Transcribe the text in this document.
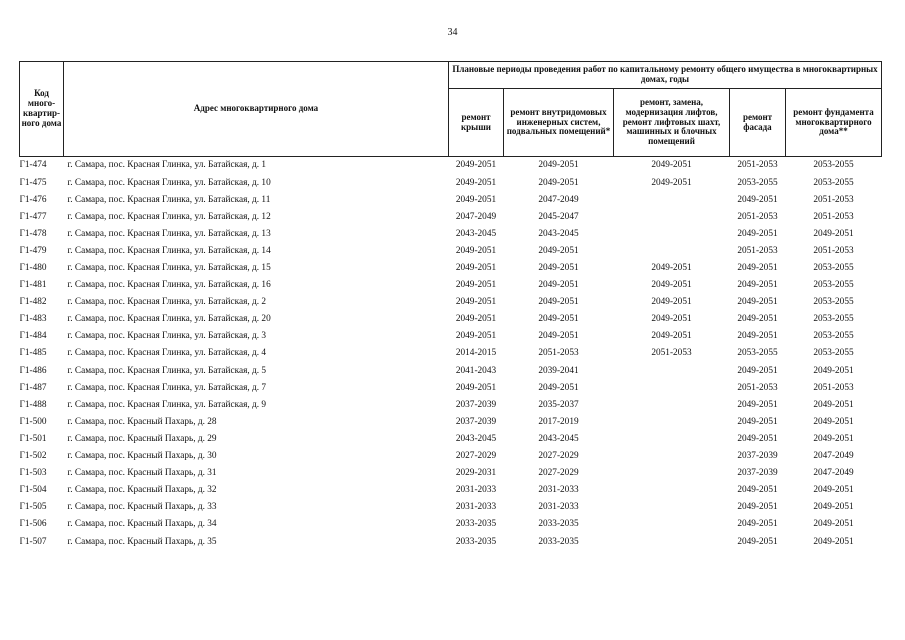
34
Код много-квартир-ного дома	Адрес многоквартирного дома	Плановые периоды проведения работ по капитальному ремонту общего имущества в многоквартирных домах, годы				
		ремонт крыши	ремонт внутридомовых инженерных систем, подвальных помещений*	ремонт, замена, модернизация лифтов, ремонт лифтовых шахт, машинных и блочных помещений	ремонт фасада	ремонт фундамента многоквартирного дома**
Г1-474	г. Самара, пос. Красная Глинка, ул. Батайская, д. 1	2049-2051	2049-2051	2049-2051	2051-2053	2053-2055
Г1-475	г. Самара, пос. Красная Глинка, ул. Батайская, д. 10	2049-2051	2049-2051	2049-2051	2053-2055	2053-2055
Г1-476	г. Самара, пос. Красная Глинка, ул. Батайская, д. 11	2049-2051	2047-2049		2049-2051	2051-2053
Г1-477	г. Самара, пос. Красная Глинка, ул. Батайская, д. 12	2047-2049	2045-2047		2051-2053	2051-2053
Г1-478	г. Самара, пос. Красная Глинка, ул. Батайская, д. 13	2043-2045	2043-2045		2049-2051	2049-2051
Г1-479	г. Самара, пос. Красная Глинка, ул. Батайская, д. 14	2049-2051	2049-2051		2051-2053	2051-2053
Г1-480	г. Самара, пос. Красная Глинка, ул. Батайская, д. 15	2049-2051	2049-2051	2049-2051	2049-2051	2053-2055
Г1-481	г. Самара, пос. Красная Глинка, ул. Батайская, д. 16	2049-2051	2049-2051	2049-2051	2049-2051	2053-2055
Г1-482	г. Самара, пос. Красная Глинка, ул. Батайская, д. 2	2049-2051	2049-2051	2049-2051	2049-2051	2053-2055
Г1-483	г. Самара, пос. Красная Глинка, ул. Батайская, д. 20	2049-2051	2049-2051	2049-2051	2049-2051	2053-2055
Г1-484	г. Самара, пос. Красная Глинка, ул. Батайская, д. 3	2049-2051	2049-2051	2049-2051	2049-2051	2053-2055
Г1-485	г. Самара, пос. Красная Глинка, ул. Батайская, д. 4	2014-2015	2051-2053	2051-2053	2053-2055	2053-2055
Г1-486	г. Самара, пос. Красная Глинка, ул. Батайская, д. 5	2041-2043	2039-2041		2049-2051	2049-2051
Г1-487	г. Самара, пос. Красная Глинка, ул. Батайская, д. 7	2049-2051	2049-2051		2051-2053	2051-2053
Г1-488	г. Самара, пос. Красная Глинка, ул. Батайская, д. 9	2037-2039	2035-2037		2049-2051	2049-2051
Г1-500	г. Самара, пос. Красный Пахарь, д. 28	2037-2039	2017-2019		2049-2051	2049-2051
Г1-501	г. Самара, пос. Красный Пахарь, д. 29	2043-2045	2043-2045		2049-2051	2049-2051
Г1-502	г. Самара, пос. Красный Пахарь, д. 30	2027-2029	2027-2029		2037-2039	2047-2049
Г1-503	г. Самара, пос. Красный Пахарь, д. 31	2029-2031	2027-2029		2037-2039	2047-2049
Г1-504	г. Самара, пос. Красный Пахарь, д. 32	2031-2033	2031-2033		2049-2051	2049-2051
Г1-505	г. Самара, пос. Красный Пахарь, д. 33	2031-2033	2031-2033		2049-2051	2049-2051
Г1-506	г. Самара, пос. Красный Пахарь, д. 34	2033-2035	2033-2035		2049-2051	2049-2051
Г1-507	г. Самара, пос. Красный Пахарь, д. 35	2033-2035	2033-2035		2049-2051	2049-2051
